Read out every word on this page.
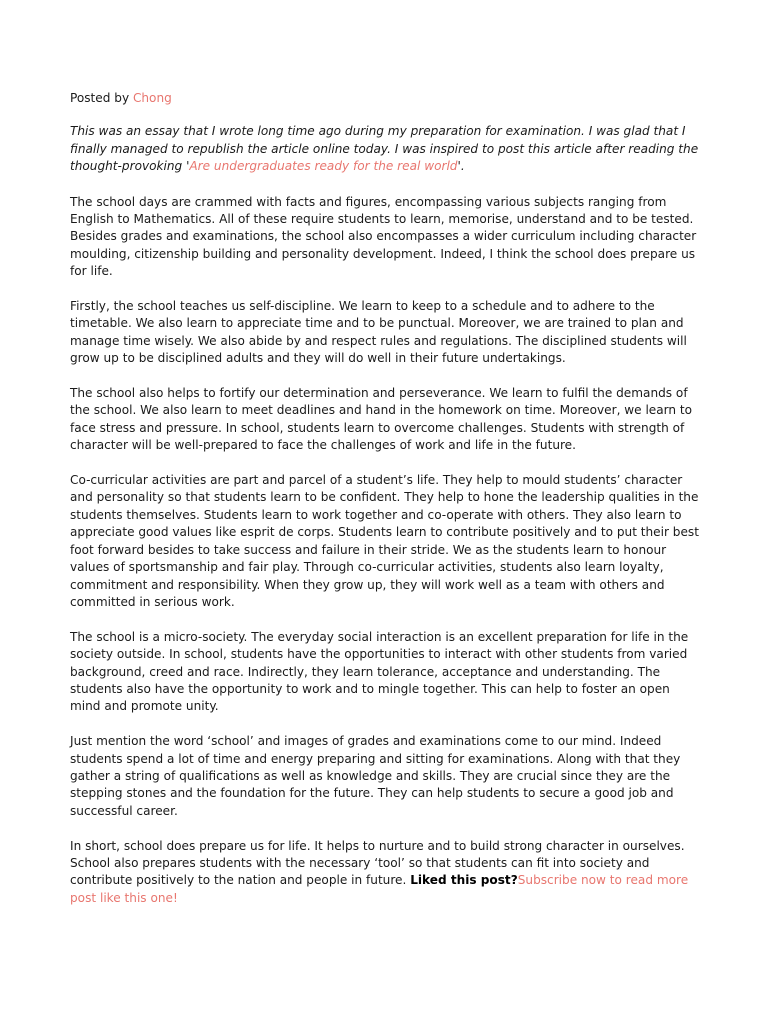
Posted by Chong

This was an essay that I wrote long time ago during my preparation for examination. I was glad that I finally managed to republish the article online today. I was inspired to post this article after reading the thought-provoking 'Are undergraduates ready for the real world'.

The school days are crammed with facts and figures, encompassing various subjects ranging from English to Mathematics. All of these require students to learn, memorise, understand and to be tested. Besides grades and examinations, the school also encompasses a wider curriculum including character moulding, citizenship building and personality development. Indeed, I think the school does prepare us for life.

Firstly, the school teaches us self-discipline. We learn to keep to a schedule and to adhere to the timetable. We also learn to appreciate time and to be punctual. Moreover, we are trained to plan and manage time wisely. We also abide by and respect rules and regulations. The disciplined students will grow up to be disciplined adults and they will do well in their future undertakings.

The school also helps to fortify our determination and perseverance. We learn to fulfil the demands of the school. We also learn to meet deadlines and hand in the homework on time. Moreover, we learn to face stress and pressure. In school, students learn to overcome challenges. Students with strength of character will be well-prepared to face the challenges of work and life in the future.

Co-curricular activities are part and parcel of a student’s life. They help to mould students’ character and personality so that students learn to be confident. They help to hone the leadership qualities in the students themselves. Students learn to work together and co-operate with others. They also learn to appreciate good values like esprit de corps. Students learn to contribute positively and to put their best foot forward besides to take success and failure in their stride. We as the students learn to honour values of sportsmanship and fair play. Through co-curricular activities, students also learn loyalty, commitment and responsibility. When they grow up, they will work well as a team with others and committed in serious work.

The school is a micro-society. The everyday social interaction is an excellent preparation for life in the society outside. In school, students have the opportunities to interact with other students from varied background, creed and race. Indirectly, they learn tolerance, acceptance and understanding. The students also have the opportunity to work and to mingle together. This can help to foster an open mind and promote unity.

Just mention the word ‘school’ and images of grades and examinations come to our mind. Indeed students spend a lot of time and energy preparing and sitting for examinations. Along with that they gather a string of qualifications as well as knowledge and skills. They are crucial since they are the stepping stones and the foundation for the future. They can help students to secure a good job and successful career.

In short, school does prepare us for life. It helps to nurture and to build strong character in ourselves. School also prepares students with the necessary ‘tool’ so that students can fit into society and contribute positively to the nation and people in future. Liked this post?Subscribe now to read more post like this one!
